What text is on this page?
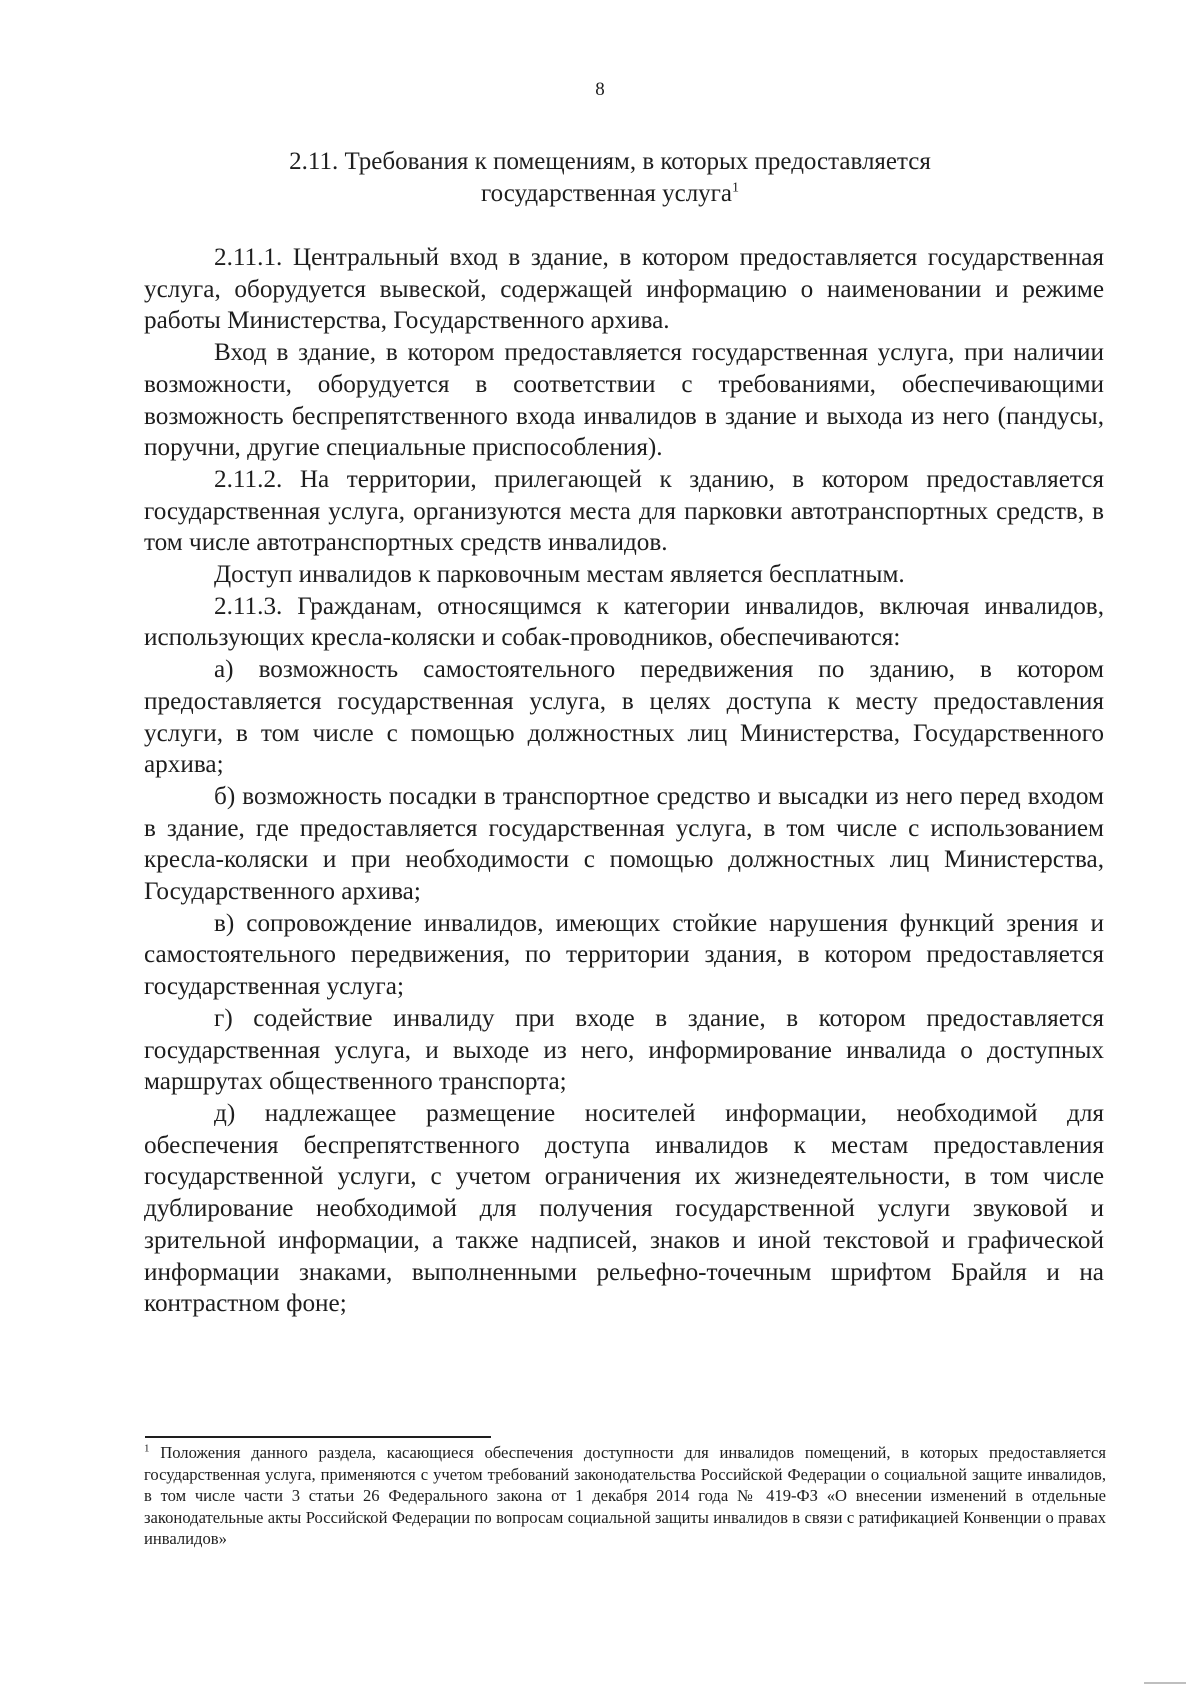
8
2.11. Требования к помещениям, в которых предоставляется
государственная услуга$^1$

2.11.1. Центральный вход в здание, в котором предоставляется государственная услуга, оборудуется вывеской, содержащей информацию о наименовании и режиме работы Министерства, Государственного архива.

Вход в здание, в котором предоставляется государственная услуга, при наличии возможности, оборудуется в соответствии с требованиями, обеспечивающими возможность беспрепятственного входа инвалидов в здание и выхода из него (пандусы, поручни, другие специальные приспособления).

2.11.2. На территории, прилегающей к зданию, в котором предоставляется государственная услуга, организуются места для парковки автотранспортных средств, в том числе автотранспортных средств инвалидов.

Доступ инвалидов к парковочным местам является бесплатным.

2.11.3. Гражданам, относящимся к категории инвалидов, включая инвалидов, использующих кресла-коляски и собак-проводников, обеспечиваются:

а) возможность самостоятельного передвижения по зданию, в котором предоставляется государственная услуга, в целях доступа к месту предоставления услуги, в том числе с помощью должностных лиц Министерства, Государственного архива;

б) возможность посадки в транспортное средство и высадки из него перед входом в здание, где предоставляется государственная услуга, в том числе с использованием кресла-коляски и при необходимости с помощью должностных лиц Министерства, Государственного архива;

в) сопровождение инвалидов, имеющих стойкие нарушения функций зрения и самостоятельного передвижения, по территории здания, в котором предоставляется государственная услуга;

г) содействие инвалиду при входе в здание, в котором предоставляется государственная услуга, и выходе из него, информирование инвалида о доступных маршрутах общественного транспорта;

д) надлежащее размещение носителей информации, необходимой для обеспечения беспрепятственного доступа инвалидов к местам предоставления государственной услуги, с учетом ограничения их жизнедеятельности, в том числе дублирование необходимой для получения государственной услуги звуковой и зрительной информации, а также надписей, знаков и иной текстовой и графической информации знаками, выполненными рельефно-точечным шрифтом Брайля и на контрастном фоне;

$^1$ Положения данного раздела, касающиеся обеспечения доступности для инвалидов помещений, в которых предоставляется государственная услуга, применяются с учетом требований законодательства Российской Федерации о социальной защите инвалидов, в том числе части 3 статьи 26 Федерального закона от 1 декабря 2014 года № 419-ФЗ «О внесении изменений в отдельные законодательные акты Российской Федерации по вопросам социальной защиты инвалидов в связи с ратификацией Конвенции о правах инвалидов»
